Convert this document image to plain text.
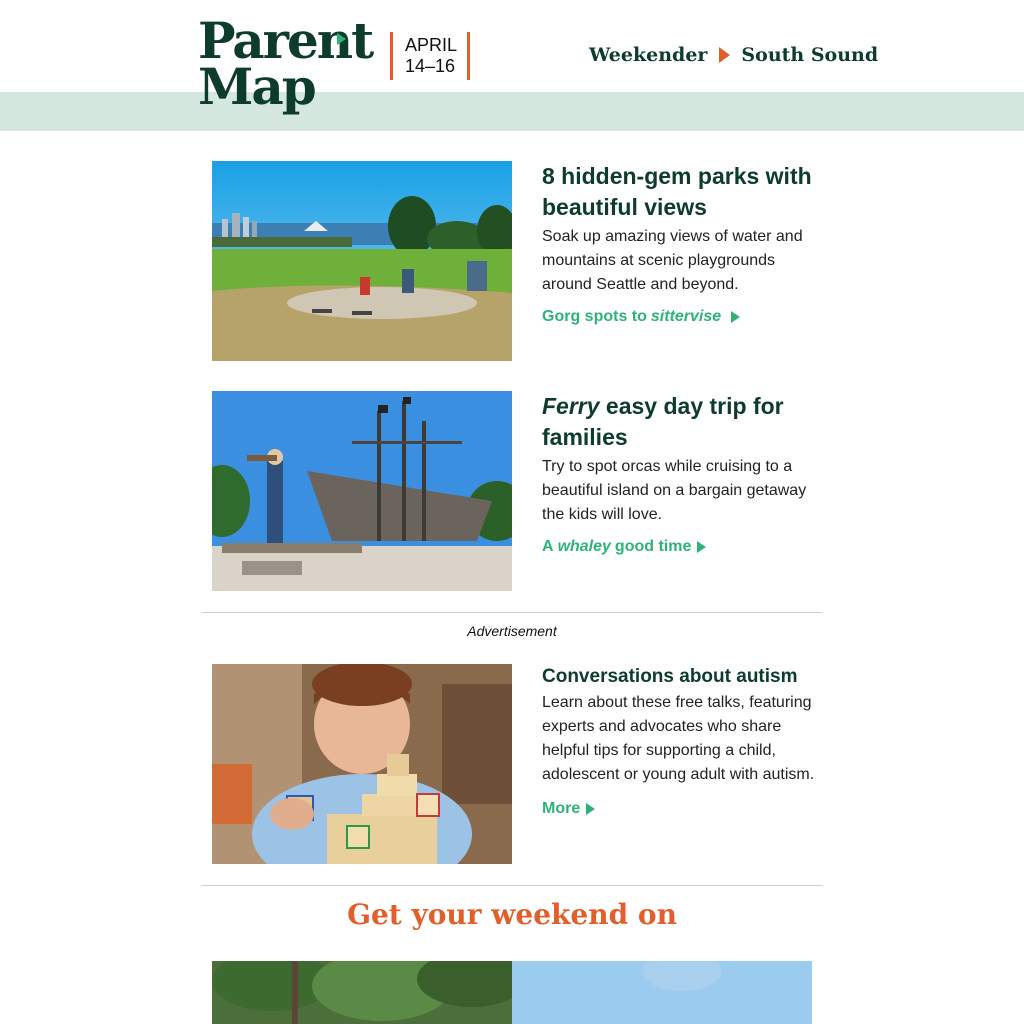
Parent
Map
APRIL
14–16	Weekender South Sound
8 hidden-gem parks with beautiful views
Soak up amazing views of water and mountains at scenic playgrounds around Seattle and beyond.
Gorg spots to sittervise
Ferry easy day trip for families
Try to spot orcas while cruising to a beautiful island on a bargain getaway the kids will love.
A whaley good time
Advertisement
Conversations about autism
Learn about these free talks, featuring experts and advocates who share helpful tips for supporting a child, adolescent or young adult with autism.
More
Get your weekend on
